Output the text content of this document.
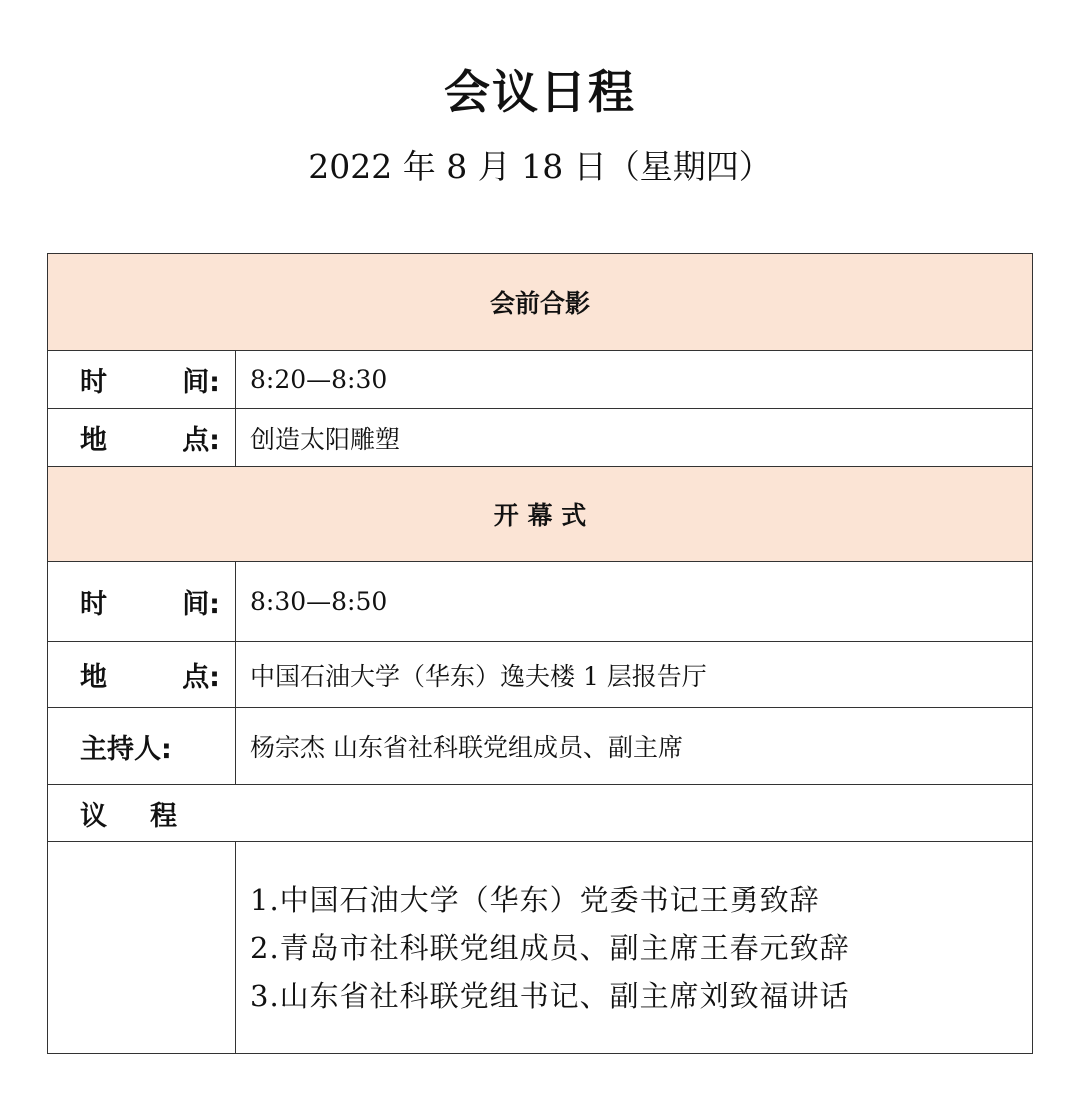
会议日程
2022 年 8 月 18 日（星期四）
会前合影	

时 间:	8:20—8:30

地 点:	创造太阳雕塑
开 幕 式	

时 间:	8:30—8:50

地 点:	中国石油大学（华东）逸夫楼 1 层报告厅

主持人:	杨宗杰 山东省社科联党组成员、副主席
议 程	

	1.中国石油大学（华东）党委书记王勇致辞
2.青岛市社科联党组成员、副主席王春元致辞
3.山东省社科联党组书记、副主席刘致福讲话
